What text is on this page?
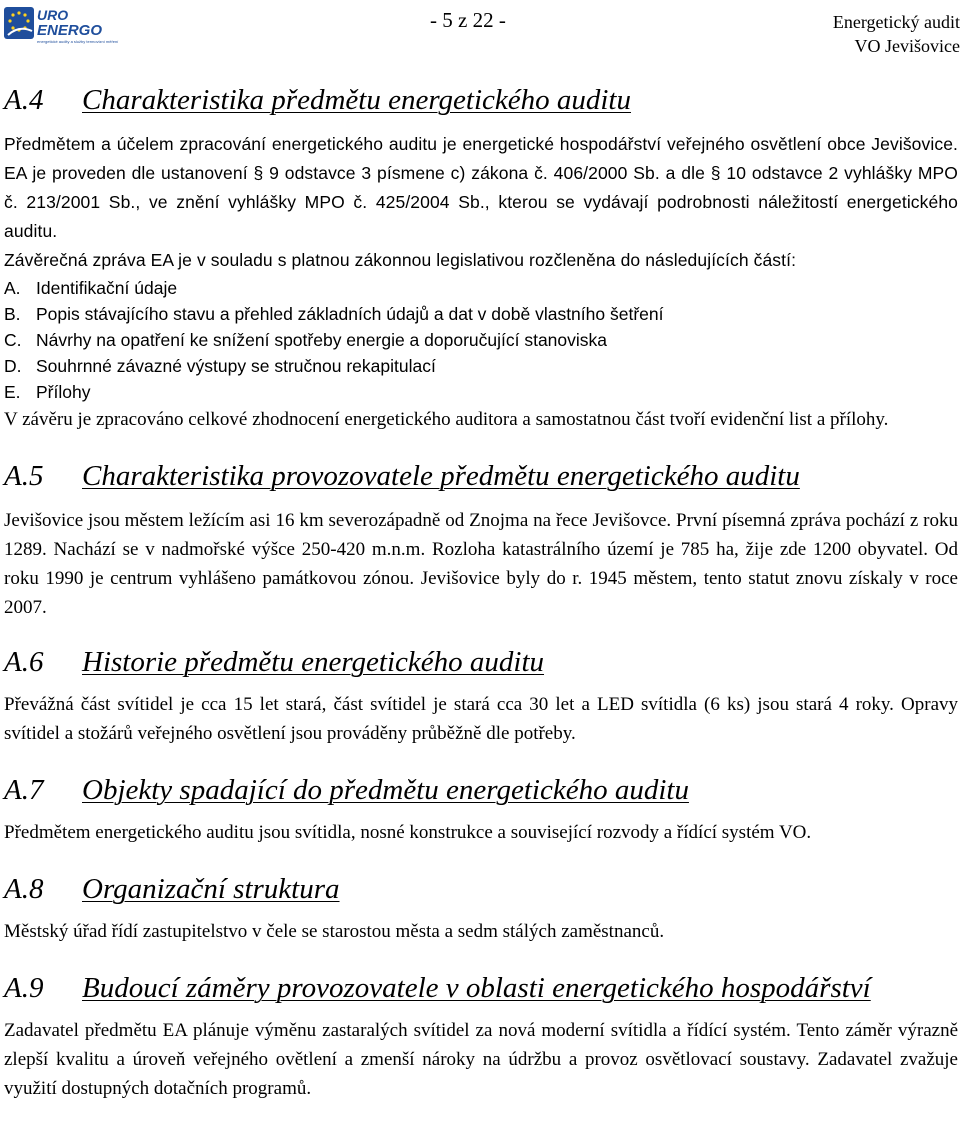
URO
ENERGO
energetické audity a služby termovizní měření
- 5 z 22 -	Energetický audit
VO Jevišovice
A.4 Charakteristika předmětu energetického auditu

Předmětem a účelem zpracování energetického auditu je energetické hospodářství veřejného osvětlení obce Jevišovice. EA je proveden dle ustanovení § 9 odstavce 3 písmene c) zákona č. 406/2000 Sb. a dle § 10 odstavce 2 vyhlášky MPO č. 213/2001 Sb., ve znění vyhlášky MPO č. 425/2004 Sb., kterou se vydávají podrobnosti náležitostí energetického auditu.

Závěrečná zpráva EA je v souladu s platnou zákonnou legislativou rozčleněna do následujících částí:

A. Identifikační údaje
B. Popis stávajícího stavu a přehled základních údajů a dat v době vlastního šetření
C. Návrhy na opatření ke snížení spotřeby energie a doporučující stanoviska
D. Souhrnné závazné výstupy se stručnou rekapitulací
E. Přílohy

V závěru je zpracováno celkové zhodnocení energetického auditora a samostatnou část tvoří evidenční list a přílohy.

A.5 Charakteristika provozovatele předmětu energetického auditu

Jevišovice jsou městem ležícím asi 16 km severozápadně od Znojma na řece Jevišovce. První písemná zpráva pochází z roku 1289. Nachází se v nadmořské výšce 250-420 m.n.m. Rozloha katastrálního území je 785 ha, žije zde 1200 obyvatel. Od roku 1990 je centrum vyhlášeno památkovou zónou. Jevišovice byly do r. 1945 městem, tento statut znovu získaly v roce 2007.

A.6 Historie předmětu energetického auditu

Převážná část svítidel je cca 15 let stará, část svítidel je stará cca 30 let a LED svítidla (6 ks) jsou stará 4 roky. Opravy svítidel a stožárů veřejného osvětlení jsou prováděny průběžně dle potřeby.

A.7 Objekty spadající do předmětu energetického auditu

Předmětem energetického auditu jsou svítidla, nosné konstrukce a související rozvody a řídící systém VO.

A.8 Organizační struktura

Městský úřad řídí zastupitelstvo v čele se starostou města a sedm stálých zaměstnanců.

A.9 Budoucí záměry provozovatele v oblasti energetického hospodářství

Zadavatel předmětu EA plánuje výměnu zastaralých svítidel za nová moderní svítidla a řídící systém. Tento záměr výrazně zlepší kvalitu a úroveň veřejného ovětlení a zmenší nároky na údržbu a provoz osvětlovací soustavy. Zadavatel zvažuje využití dostupných dotačních programů.
